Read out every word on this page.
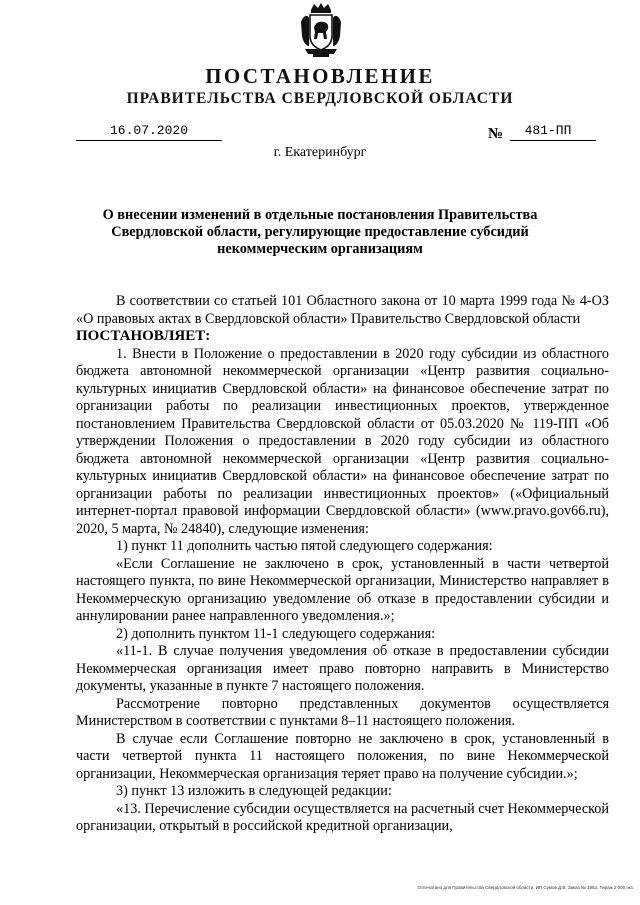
ПОСТАНОВЛЕНИЕ
ПРАВИТЕЛЬСТВА СВЕРДЛОВСКОЙ ОБЛАСТИ
16.07.2020	№	481-ПП
г. Екатеринбург
О внесении изменений в отдельные постановления Правительства Свердловской области, регулирующие предоставление субсидий некоммерческим организациям

В соответствии со статьей 101 Областного закона от 10 марта 1999 года № 4-ОЗ «О правовых актах в Свердловской области» Правительство Свердловской области

ПОСТАНОВЛЯЕТ:

1. Внести в Положение о предоставлении в 2020 году субсидии из областного бюджета автономной некоммерческой организации «Центр развития социально-культурных инициатив Свердловской области» на финансовое обеспечение затрат по организации работы по реализации инвестиционных проектов, утвержденное постановлением Правительства Свердловской области от 05.03.2020 № 119-ПП «Об утверждении Положения о предоставлении в 2020 году субсидии из областного бюджета автономной некоммерческой организации «Центр развития социально-культурных инициатив Свердловской области» на финансовое обеспечение затрат по организации работы по реализации инвестиционных проектов» («Официальный интернет-портал правовой информации Свердловской области» (www.pravo.gov66.ru), 2020, 5 марта, № 24840), следующие изменения:

1) пункт 11 дополнить частью пятой следующего содержания:

«Если Соглашение не заключено в срок, установленный в части четвертой настоящего пункта, по вине Некоммерческой организации, Министерство направляет в Некоммерческую организацию уведомление об отказе в предоставлении субсидии и аннулировании ранее направленного уведомления.»;

2) дополнить пунктом 11-1 следующего содержания:

«11-1. В случае получения уведомления об отказе в предоставлении субсидии Некоммерческая организация имеет право повторно направить в Министерство документы, указанные в пункте 7 настоящего положения.

Рассмотрение повторно представленных документов осуществляется Министерством в соответствии с пунктами 8–11 настоящего положения.

В случае если Соглашение повторно не заключено в срок, установленный в части четвертой пункта 11 настоящего положения, по вине Некоммерческой организации, Некоммерческая организация теряет право на получение субсидии.»;

3) пункт 13 изложить в следующей редакции:

«13. Перечисление субсидии осуществляется на расчетный счет Некоммерческой организации, открытый в российской кредитной организации,

Отпечатано для Правительства Свердловской области. ИП Сумов Д.В. Заказ № 1963. Тираж 2 000 экз.
